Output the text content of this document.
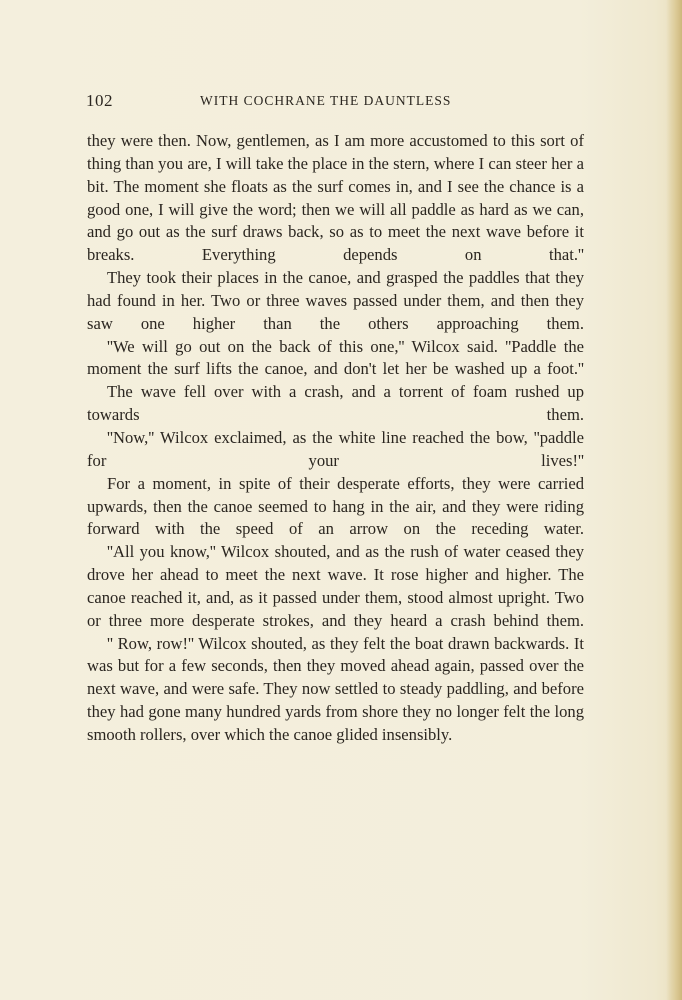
102	WITH COCHRANE THE DAUNTLESS

they were then. Now, gentlemen, as I am more accustomed to this sort of thing than you are, I will take the place in the stern, where I can steer her a bit. The moment she floats as the surf comes in, and I see the chance is a good one, I will give the word; then we will all paddle as hard as we can, and go out as the surf draws back, so as to meet the next wave before it breaks. Everything depends on that.''

They took their places in the canoe, and grasped the paddles that they had found in her. Two or three waves passed under them, and then they saw one higher than the others approaching them.

''We will go out on the back of this one,'' Wilcox said. ''Paddle the moment the surf lifts the canoe, and don't let her be washed up a foot.''

The wave fell over with a crash, and a torrent of foam rushed up towards them.

''Now,'' Wilcox exclaimed, as the white line reached the bow, ''paddle for your lives!''

For a moment, in spite of their desperate efforts, they were carried upwards, then the canoe seemed to hang in the air, and they were riding forward with the speed of an arrow on the receding water.

''All you know,'' Wilcox shouted, and as the rush of water ceased they drove her ahead to meet the next wave. It rose higher and higher. The canoe reached it, and, as it passed under them, stood almost upright. Two or three more desperate strokes, and they heard a crash behind them.

'' Row, row!'' Wilcox shouted, as they felt the boat drawn backwards. It was but for a few seconds, then they moved ahead again, passed over the next wave, and were safe. They now settled to steady paddling, and before they had gone many hundred yards from shore they no longer felt the long smooth rollers, over which the canoe glided insensibly.
